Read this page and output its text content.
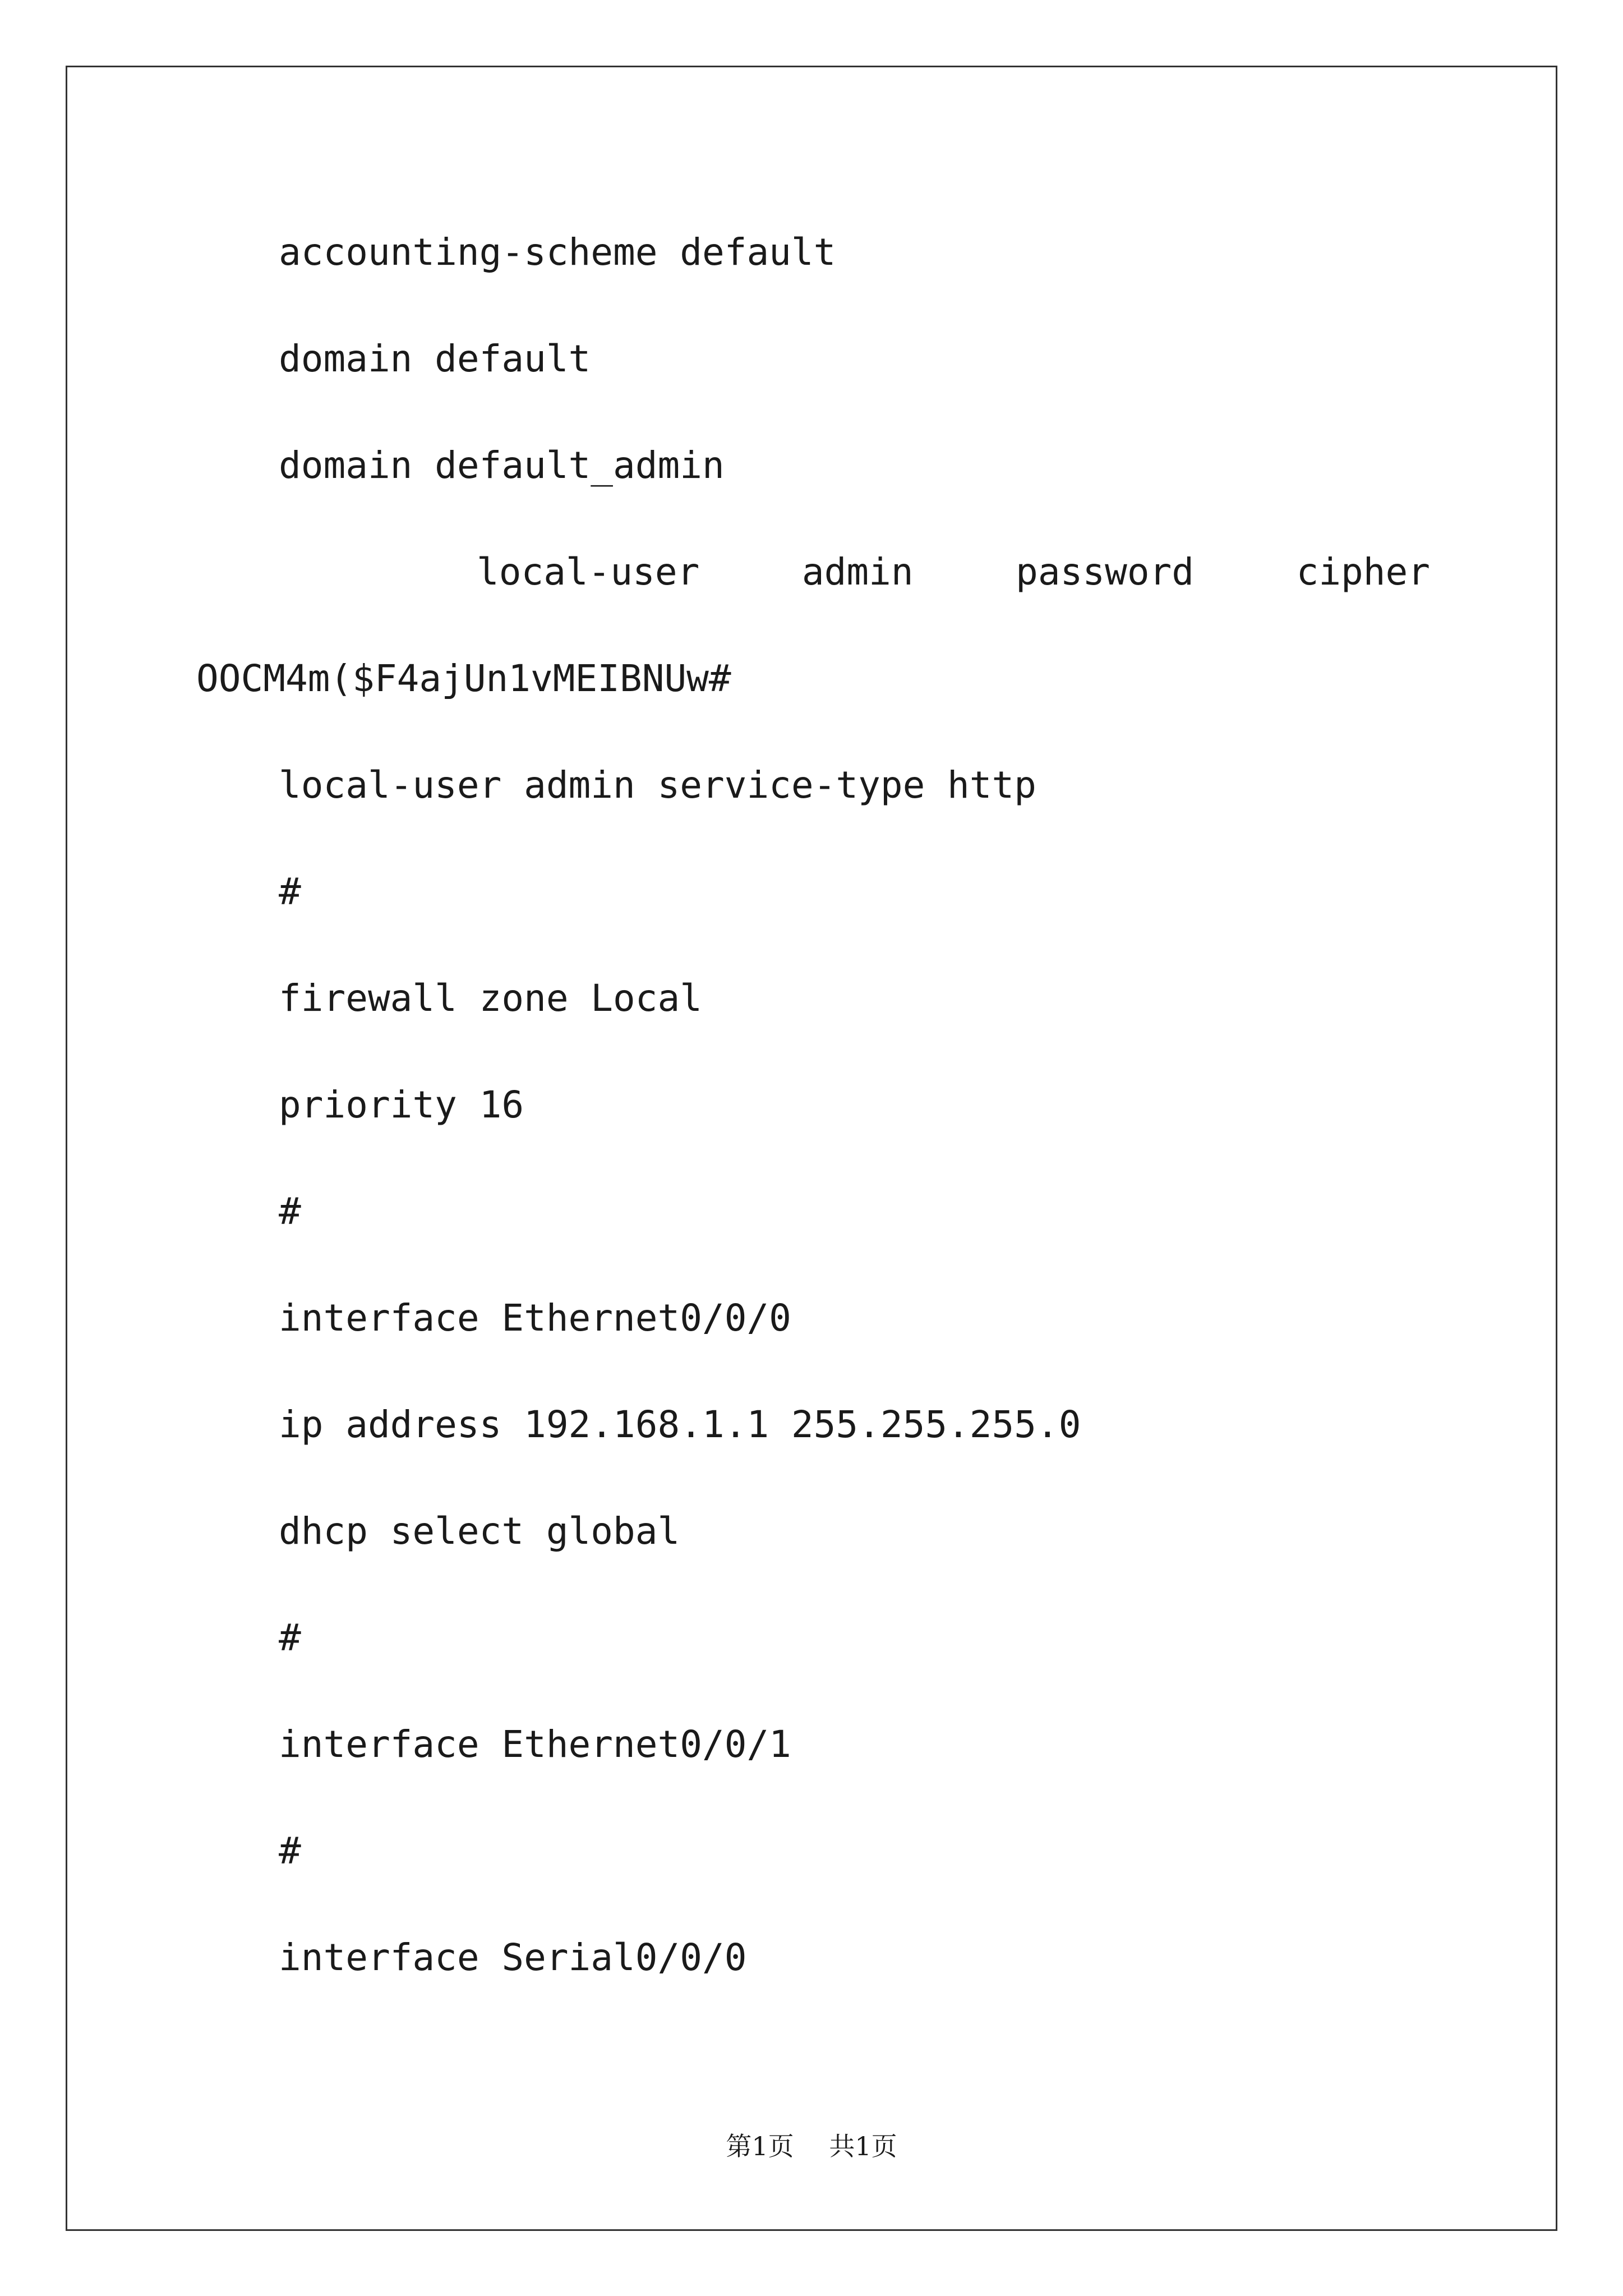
accounting-scheme default
domain default
domain default_admin
local-user	admin	password	cipher
OOCM4m($F4ajUn1vMEIBNUw#
local-user admin service-type http
#
firewall zone Local
priority 16
#
interface Ethernet0/0/0
ip address 192.168.1.1 255.255.255.0
dhcp select global
#
interface Ethernet0/0/1
#
interface Serial0/0/0
第1页 共1页
